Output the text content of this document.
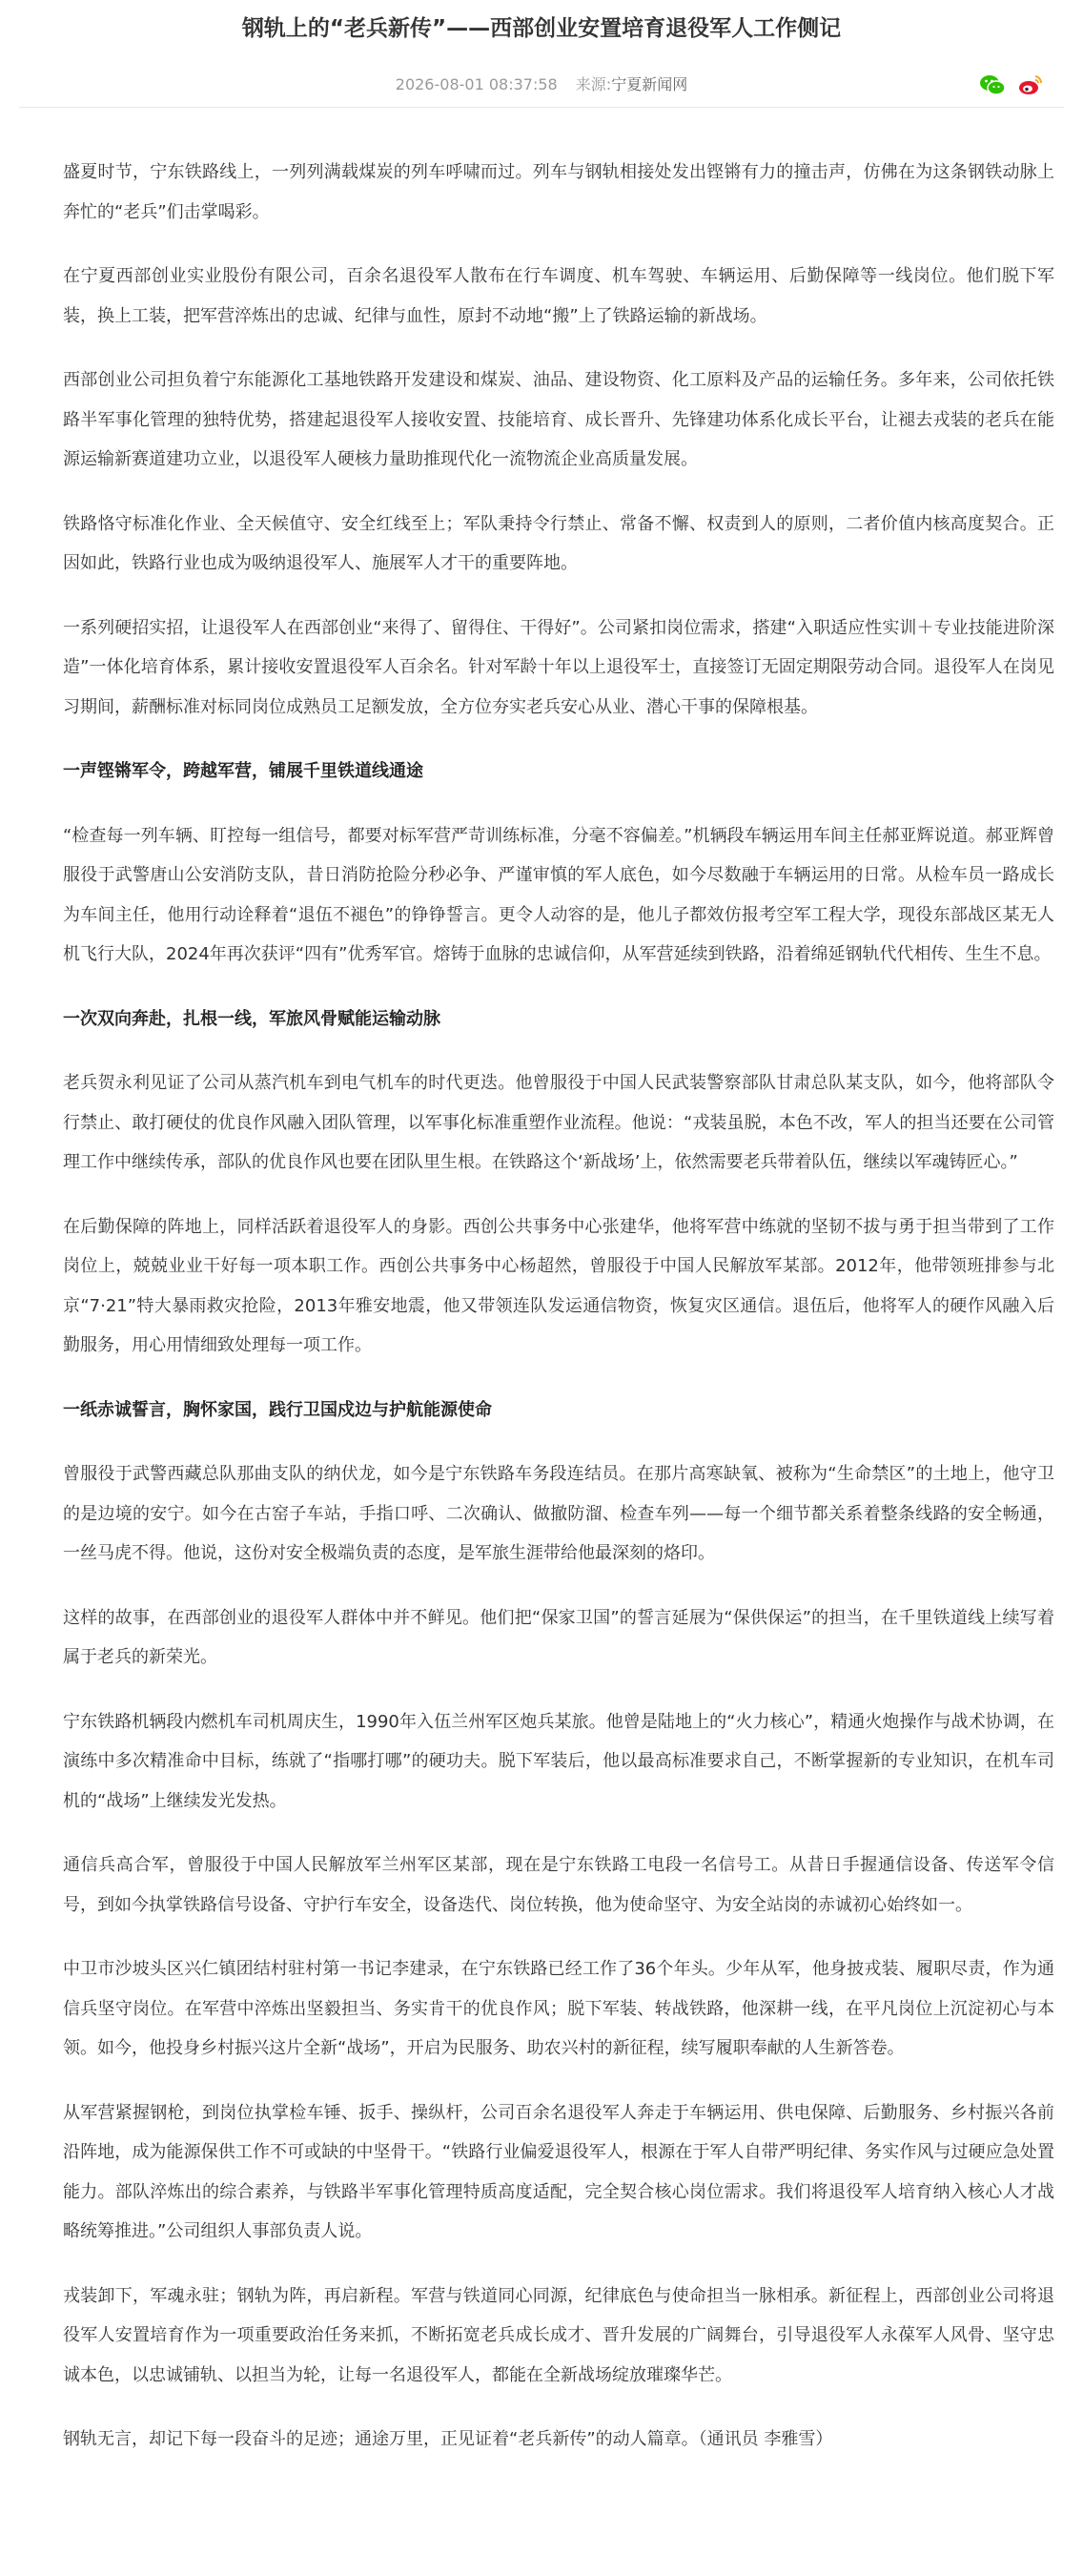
钢轨上的“老兵新传”——西部创业安置培育退役军人工作侧记
2026-08-01 08:37:58 来源:宁夏新闻网

盛夏时节，宁东铁路线上，一列列满载煤炭的列车呼啸而过。列车与钢轨相接处发出铿锵有力的撞击声，仿佛在为这条钢铁动脉上奔忙的“老兵”们击掌喝彩。

在宁夏西部创业实业股份有限公司，百余名退役军人散布在行车调度、机车驾驶、车辆运用、后勤保障等一线岗位。他们脱下军装，换上工装，把军营淬炼出的忠诚、纪律与血性，原封不动地“搬”上了铁路运输的新战场。

西部创业公司担负着宁东能源化工基地铁路开发建设和煤炭、油品、建设物资、化工原料及产品的运输任务。多年来，公司依托铁路半军事化管理的独特优势，搭建起退役军人接收安置、技能培育、成长晋升、先锋建功体系化成长平台，让褪去戎装的老兵在能源运输新赛道建功立业，以退役军人硬核力量助推现代化一流物流企业高质量发展。

铁路恪守标准化作业、全天候值守、安全红线至上；军队秉持令行禁止、常备不懈、权责到人的原则，二者价值内核高度契合。正因如此，铁路行业也成为吸纳退役军人、施展军人才干的重要阵地。

一系列硬招实招，让退役军人在西部创业“来得了、留得住、干得好”。公司紧扣岗位需求，搭建“入职适应性实训＋专业技能进阶深造”一体化培育体系，累计接收安置退役军人百余名。针对军龄十年以上退役军士，直接签订无固定期限劳动合同。退役军人在岗见习期间，薪酬标准对标同岗位成熟员工足额发放，全方位夯实老兵安心从业、潜心干事的保障根基。

一声铿锵军令，跨越军营，铺展千里铁道线通途

“检查每一列车辆、盯控每一组信号，都要对标军营严苛训练标准，分毫不容偏差。”机辆段车辆运用车间主任郝亚辉说道。郝亚辉曾服役于武警唐山公安消防支队，昔日消防抢险分秒必争、严谨审慎的军人底色，如今尽数融于车辆运用的日常。从检车员一路成长为车间主任，他用行动诠释着“退伍不褪色”的铮铮誓言。更令人动容的是，他儿子都效仿报考空军工程大学，现役东部战区某无人机飞行大队，2024年再次获评“四有”优秀军官。熔铸于血脉的忠诚信仰，从军营延续到铁路，沿着绵延钢轨代代相传、生生不息。

一次双向奔赴，扎根一线，军旅风骨赋能运输动脉

老兵贺永利见证了公司从蒸汽机车到电气机车的时代更迭。他曾服役于中国人民武装警察部队甘肃总队某支队，如今，他将部队令行禁止、敢打硬仗的优良作风融入团队管理，以军事化标准重塑作业流程。他说：“戎装虽脱，本色不改，军人的担当还要在公司管理工作中继续传承，部队的优良作风也要在团队里生根。在铁路这个‘新战场’上，依然需要老兵带着队伍，继续以军魂铸匠心。”

在后勤保障的阵地上，同样活跃着退役军人的身影。西创公共事务中心张建华，他将军营中练就的坚韧不拔与勇于担当带到了工作岗位上，兢兢业业干好每一项本职工作。西创公共事务中心杨超然，曾服役于中国人民解放军某部。2012年，他带领班排参与北京“7·21”特大暴雨救灾抢险，2013年雅安地震，他又带领连队发运通信物资，恢复灾区通信。退伍后，他将军人的硬作风融入后勤服务，用心用情细致处理每一项工作。

一纸赤诚誓言，胸怀家国，践行卫国戍边与护航能源使命

曾服役于武警西藏总队那曲支队的纳伏龙，如今是宁东铁路车务段连结员。在那片高寒缺氧、被称为“生命禁区”的土地上，他守卫的是边境的安宁。如今在古窑子车站，手指口呼、二次确认、做撤防溜、检查车列——每一个细节都关系着整条线路的安全畅通，一丝马虎不得。他说，这份对安全极端负责的态度，是军旅生涯带给他最深刻的烙印。

这样的故事，在西部创业的退役军人群体中并不鲜见。他们把“保家卫国”的誓言延展为“保供保运”的担当，在千里铁道线上续写着属于老兵的新荣光。

宁东铁路机辆段内燃机车司机周庆生，1990年入伍兰州军区炮兵某旅。他曾是陆地上的“火力核心”，精通火炮操作与战术协调，在演练中多次精准命中目标，练就了“指哪打哪”的硬功夫。脱下军装后，他以最高标准要求自己，不断掌握新的专业知识，在机车司机的“战场”上继续发光发热。

通信兵高合军，曾服役于中国人民解放军兰州军区某部，现在是宁东铁路工电段一名信号工。从昔日手握通信设备、传送军令信号，到如今执掌铁路信号设备、守护行车安全，设备迭代、岗位转换，他为使命坚守、为安全站岗的赤诚初心始终如一。

中卫市沙坡头区兴仁镇团结村驻村第一书记李建录，在宁东铁路已经工作了36个年头。少年从军，他身披戎装、履职尽责，作为通信兵坚守岗位。在军营中淬炼出坚毅担当、务实肯干的优良作风；脱下军装、转战铁路，他深耕一线，在平凡岗位上沉淀初心与本领。如今，他投身乡村振兴这片全新“战场”，开启为民服务、助农兴村的新征程，续写履职奉献的人生新答卷。

从军营紧握钢枪，到岗位执掌检车锤、扳手、操纵杆，公司百余名退役军人奔走于车辆运用、供电保障、后勤服务、乡村振兴各前沿阵地，成为能源保供工作不可或缺的中坚骨干。“铁路行业偏爱退役军人，根源在于军人自带严明纪律、务实作风与过硬应急处置能力。部队淬炼出的综合素养，与铁路半军事化管理特质高度适配，完全契合核心岗位需求。我们将退役军人培育纳入核心人才战略统筹推进。”公司组织人事部负责人说。

戎装卸下，军魂永驻；钢轨为阵，再启新程。军营与铁道同心同源，纪律底色与使命担当一脉相承。新征程上，西部创业公司将退役军人安置培育作为一项重要政治任务来抓，不断拓宽老兵成长成才、晋升发展的广阔舞台，引导退役军人永葆军人风骨、坚守忠诚本色，以忠诚铺轨、以担当为轮，让每一名退役军人，都能在全新战场绽放璀璨华芒。

钢轨无言，却记下每一段奋斗的足迹；通途万里，正见证着“老兵新传”的动人篇章。（通讯员 李雅雪）
